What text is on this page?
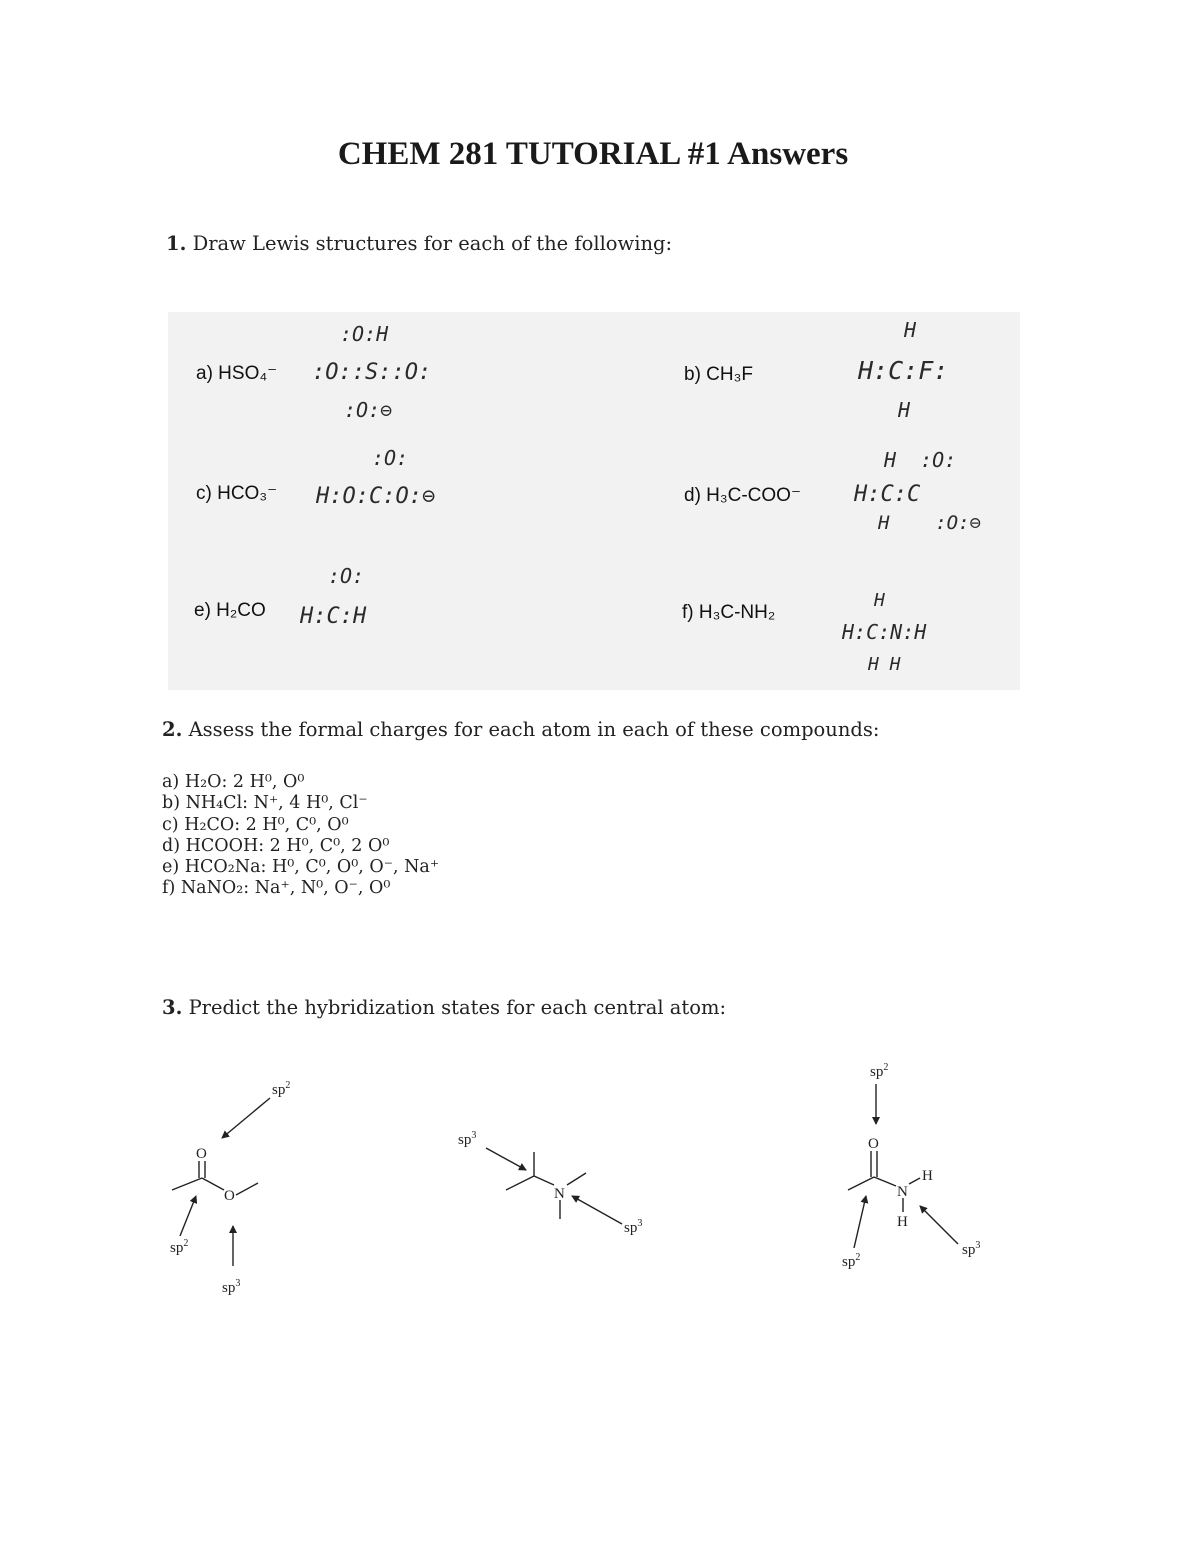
CHEM 281 TUTORIAL #1 Answers
1. Draw Lewis structures for each of the following:
a) HSO₄⁻
:O:H
:O::S::O:
:O:⊖
b) CH₃F
H
H:C:F:
H
c) HCO₃⁻
:O:
H:O:C:O:⊖	d) H₃C-COO⁻
H  :O:
H:C:C
H    :O:⊖
e) H₂CO
:O:
H:C:H	f) H₃C-NH₂
H
H:C:N:H
H H
2. Assess the formal charges for each atom in each of these compounds:
a) H₂O: 2 H⁰, O⁰
b) NH₄Cl: N⁺, 4 H⁰, Cl⁻
c) H₂CO: 2 H⁰, C⁰, O⁰
d) HCOOH: 2 H⁰, C⁰, 2 O⁰
e) HCO₂Na: H⁰, C⁰, O⁰, O⁻, Na⁺
f) NaNO₂: Na⁺, N⁰, O⁻, O⁰
3. Predict the hybridization states for each central atom:
O
O	N
O
N
H
H
$sp^2$
$sp^2$
$sp^3$
$sp^3$
$sp^3$
$sp^2$
$sp^2$	$sp^3$
